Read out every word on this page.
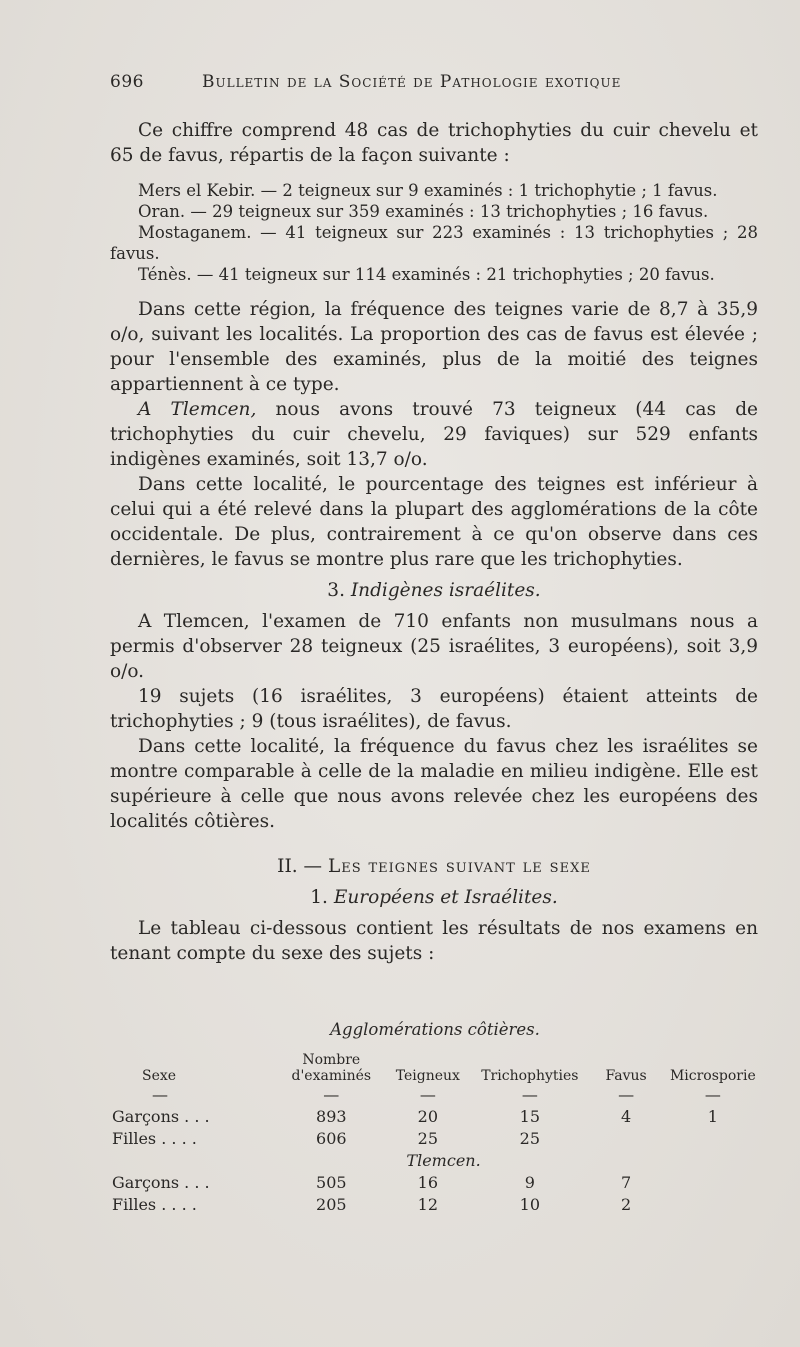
696	Bulletin de la Société de Pathologie exotique

Ce chiffre comprend 48 cas de trichophyties du cuir chevelu et 65 de favus, répartis de la façon suivante :

Mers el Kebir. — 2 teigneux sur 9 examinés : 1 trichophytie ; 1 favus.

Oran. — 29 teigneux sur 359 examinés : 13 trichophyties ; 16 favus.

Mostaganem. — 41 teigneux sur 223 examinés : 13 trichophyties ; 28 favus.

Ténès. — 41 teigneux sur 114 examinés : 21 trichophyties ; 20 favus.

Dans cette région, la fréquence des teignes varie de 8,7 à 35,9 o/o, suivant les localités. La proportion des cas de favus est élevée ; pour l'ensemble des examinés, plus de la moitié des teignes appartiennent à ce type.

A Tlemcen, nous avons trouvé 73 teigneux (44 cas de trichophyties du cuir chevelu, 29 faviques) sur 529 enfants indigènes examinés, soit 13,7 o/o.

Dans cette localité, le pourcentage des teignes est inférieur à celui qui a été relevé dans la plupart des agglomérations de la côte occidentale. De plus, contrairement à ce qu'on observe dans ces dernières, le favus se montre plus rare que les trichophyties.

3. Indigènes israélites.

A Tlemcen, l'examen de 710 enfants non musulmans nous a permis d'observer 28 teigneux (25 israélites, 3 européens), soit 3,9 o/o.

19 sujets (16 israélites, 3 européens) étaient atteints de trichophyties ; 9 (tous israélites), de favus.

Dans cette localité, la fréquence du favus chez les israélites se montre comparable à celle de la maladie en milieu indigène. Elle est supérieure à celle que nous avons relevée chez les européens des localités côtières.

II. — Les teignes suivant le sexe

1. Européens et Israélites.

Le tableau ci-dessous contient les résultats de nos examens en tenant compte du sexe des sujets :

Agglomérations côtières.
Sexe	Nombre d'examinés	Teigneux	Trichophyties	Favus	Microsporie
—	—	—	—	—	—
Garçons . . .	893	20	15	4	1
Filles . . . .	606	25	25		
		Tlemcen.			
Garçons . . .	505	16	9	7	
Filles . . . .	205	12	10	2	
